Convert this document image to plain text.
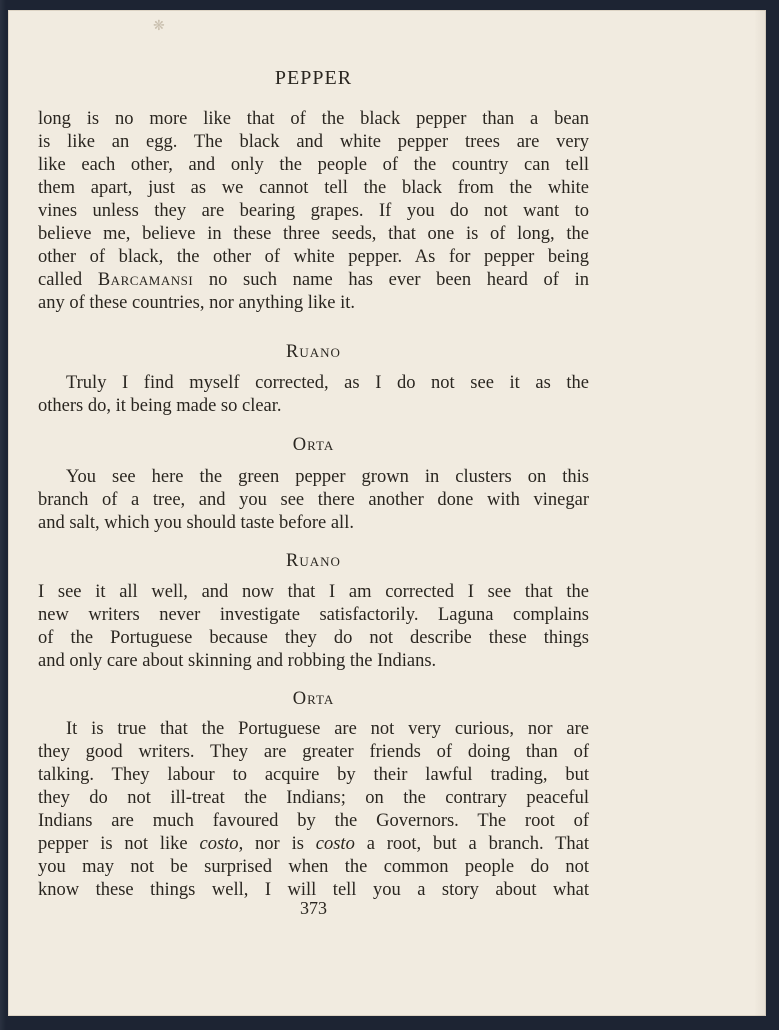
❋
PEPPER
long is no more like that of the black pepper than a bean
is like an egg. The black and white pepper trees are very
like each other, and only the people of the country can tell
them apart, just as we cannot tell the black from the white
vines unless they are bearing grapes. If you do not want to
believe me, believe in these three seeds, that one is of long, the
other of black, the other of white pepper. As for pepper being
called Barcamansi no such name has ever been heard of in
any of these countries, nor anything like it.
Ruano
Truly I find myself corrected, as I do not see it as the
others do, it being made so clear.
Orta
You see here the green pepper grown in clusters on this
branch of a tree, and you see there another done with vinegar
and salt, which you should taste before all.
Ruano
I see it all well, and now that I am corrected I see that the
new writers never investigate satisfactorily. Laguna complains
of the Portuguese because they do not describe these things
and only care about skinning and robbing the Indians.
Orta
It is true that the Portuguese are not very curious, nor are
they good writers. They are greater friends of doing than of
talking. They labour to acquire by their lawful trading, but
they do not ill-treat the Indians; on the contrary peaceful
Indians are much favoured by the Governors. The root of
pepper is not like costo, nor is costo a root, but a branch. That
you may not be surprised when the common people do not
know these things well, I will tell you a story about what
373
